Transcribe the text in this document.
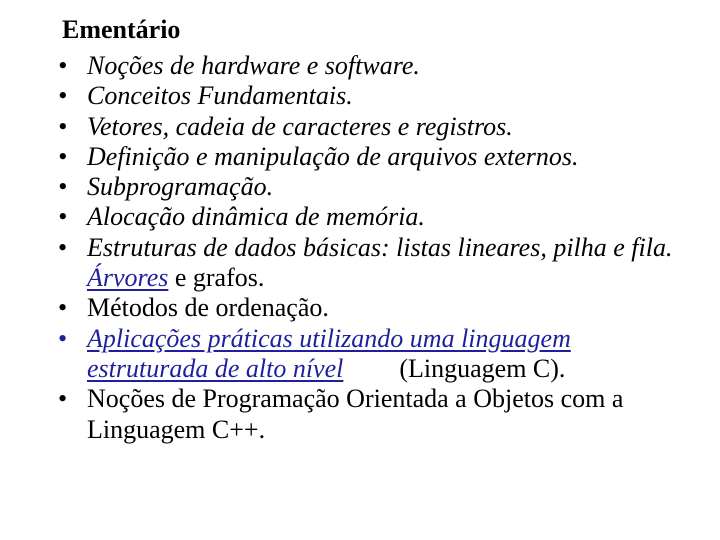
Ementário
• Noções de hardware e software.
• Conceitos Fundamentais.
• Vetores, cadeia de caracteres e registros.
• Definição e manipulação de arquivos externos.
• Subprogramação.
• Alocação dinâmica de memória.
• Estruturas de dados básicas: listas lineares, pilha e fila. Árvores e grafos.
• Métodos de ordenação.
• Aplicações práticas utilizando uma linguagem estruturada de alto nível (Linguagem C).
• Noções de Programação Orientada a Objetos com a Linguagem C++.
